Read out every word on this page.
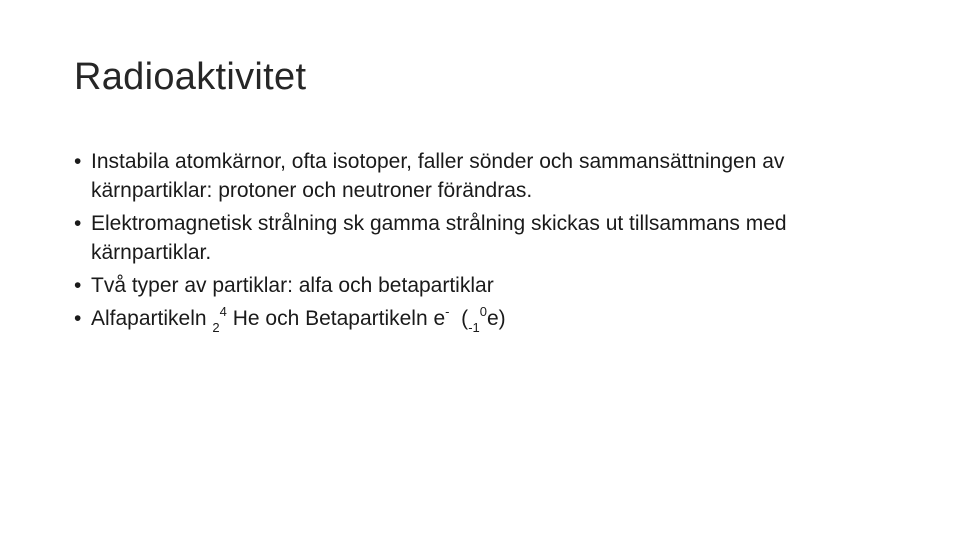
Radioaktivitet
• Instabila atomkärnor, ofta isotoper, faller sönder och sammansättningen av kärnpartiklar: protoner och neutroner förändras.
• Elektromagnetisk strålning sk gamma strålning skickas ut tillsammans med kärnpartiklar.
• Två typer av partiklar: alfa och betapartiklar
• Alfapartikeln $_2^4$ He och Betapartikeln e-  $(_{-1}^0e)$
